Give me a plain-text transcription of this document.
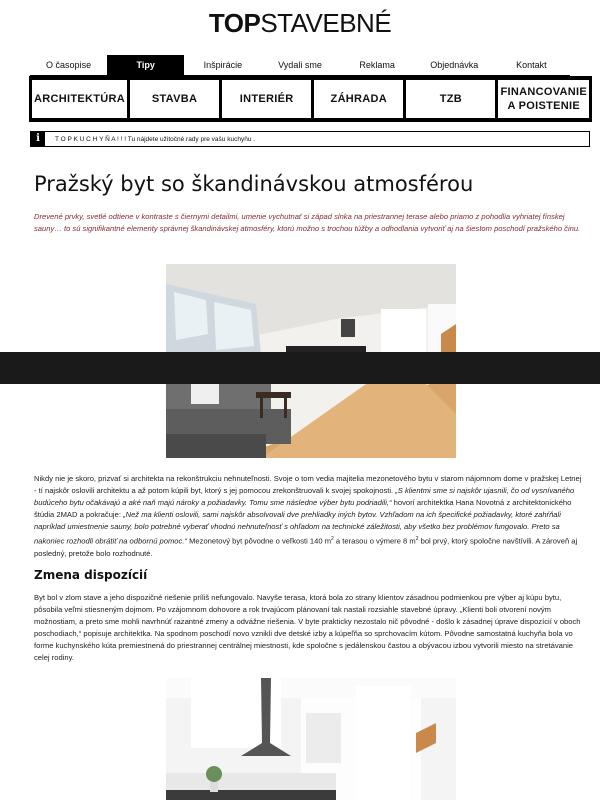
TOPSTAVEBNÉ
O časopise	Tipy	Inšpirácie	Vydali sme	Reklama	Objednávka	Kontakt
ARCHITEKTÚRA	STAVBA	INTERIÉR	ZÁHRADA	TZB
FINANCOVANIE A POISTENIE
i	T O P K U C H Y Ň A ! ! ! Tu nájdete užitočné rady pre vašu kuchyňu .
Pražský byt so škandinávskou atmosférou

Drevené prvky, svetlé odtiene v kontraste s čiernymi detailmi, umenie vychutnať si západ slnka na priestrannej terase alebo priamo z pohodlia vyhriatej fínskej sauny… to sú signifikantné elementy správnej škandinávskej atmosféry, ktorú možno s trochou túžby a odhodlania vytvoriť aj na šiestom poschodí pražského činu.

Nikdy nie je skoro, prizvať si architekta na rekonštrukciu nehnuteľnosti. Svoje o tom vedia majitelia mezonetového bytu v starom nájomnom dome v pražskej Letnej - tí najskôr oslovili architektu a až potom kúpili byt, ktorý s jej pomocou zrekonštruovali k svojej spokojnosti. „S klientmi sme si najskôr ujasnili, čo od vysnívaného budúceho bytu očakávajú a aké naň majú nároky a požiadavky. Tomu sme následne výber bytu podriadili,“ hovorí architektka Hana Novotná z architektonického štúdia 2MAD a pokračuje: „Než ma klienti oslovili, sami najskôr absolvovali dve prehliadky iných bytov. Vzhľadom na ich špecifické požiadavky, ktoré zahŕňali napríklad umiestnenie sauny, bolo potrebné vyberať vhodnú nehnuteľnosť s ohľadom na technické záležitosti, aby všetko bez problémov fungovalo. Preto sa nakoniec rozhodli obrátiť na odbornú pomoc.“ Mezonetový byt pôvodne o veľkosti 140 $m^2$ a terasou o výmere 8 $m^2$ bol prvý, ktorý spoločne navštívili. A zároveň aj posledný, pretože bolo rozhodnuté.
Zmena dispozícií

Byt bol v zlom stave a jeho dispozičné riešenie príliš nefungovalo. Navyše terasa, ktorá bola zo strany klientov zásadnou podmienkou pre výber aj kúpu bytu, pôsobila veľmi stiesneným dojmom. Po vzájomnom dohovore a rok trvajúcom plánovaní tak nastali rozsiahle stavebné úpravy. „Klienti boli otvorení novým možnostiam, a preto sme mohli navrhnúť razantné zmeny a odvážne riešenia. V byte prakticky nezostalo nič pôvodné - došlo k zásadnej úprave dispozícií v oboch poschodiach,“ popisuje architektka. Na spodnom poschodí novo vznikli dve detské izby a kúpeľňa so sprchovacím kútom. Pôvodne samostatná kuchyňa bola vo forme kuchynského kúta premiestnená do priestrannej centrálnej miestnosti, kde spoločne s jedálenskou častou a obývacou izbou vytvorili miesto na stretávanie celej rodiny.
